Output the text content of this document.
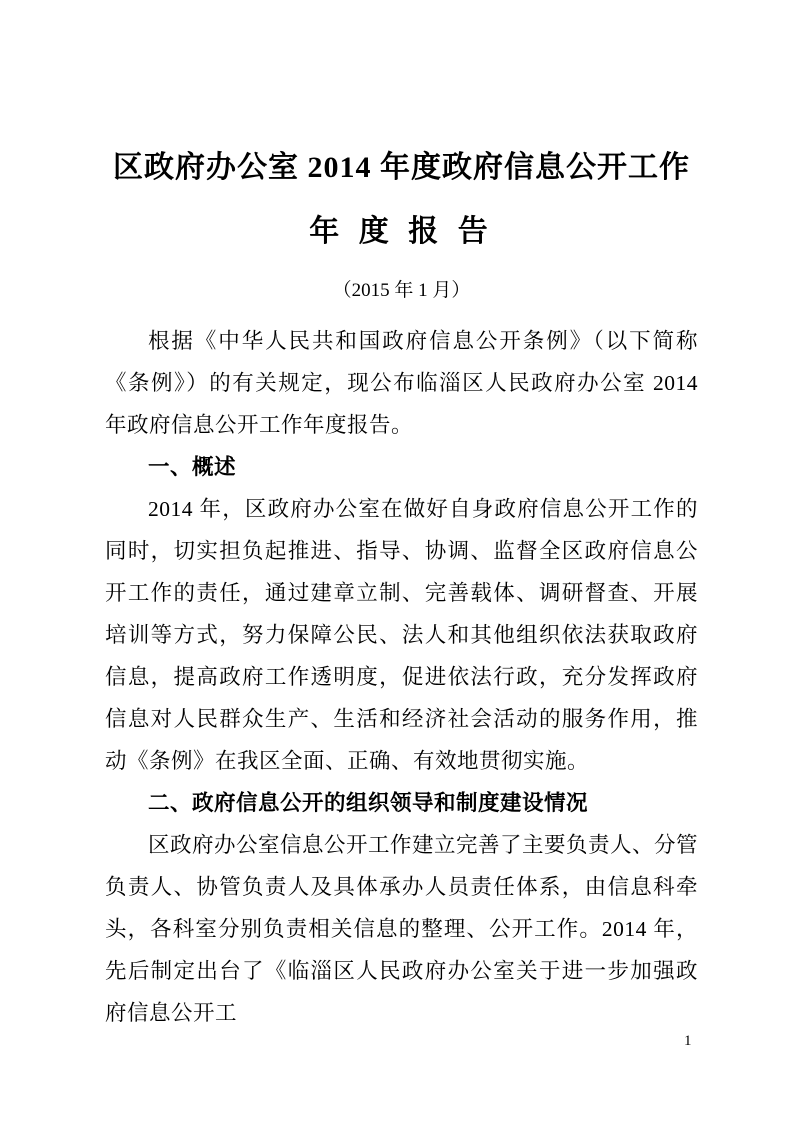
区政府办公室 2014 年度政府信息公开工作
年 度 报 告

（2015 年 1 月）

根据《中华人民共和国政府信息公开条例》（以下简称《条例》）的有关规定，现公布临淄区人民政府办公室 2014 年政府信息公开工作年度报告。

一、概述

2014 年，区政府办公室在做好自身政府信息公开工作的同时，切实担负起推进、指导、协调、监督全区政府信息公开工作的责任，通过建章立制、完善载体、调研督查、开展培训等方式，努力保障公民、法人和其他组织依法获取政府信息，提高政府工作透明度，促进依法行政，充分发挥政府信息对人民群众生产、生活和经济社会活动的服务作用，推动《条例》在我区全面、正确、有效地贯彻实施。

二、政府信息公开的组织领导和制度建设情况

区政府办公室信息公开工作建立完善了主要负责人、分管负责人、协管负责人及具体承办人员责任体系，由信息科牵头，各科室分别负责相关信息的整理、公开工作。2014 年，先后制定出台了《临淄区人民政府办公室关于进一步加强政府信息公开工

1
